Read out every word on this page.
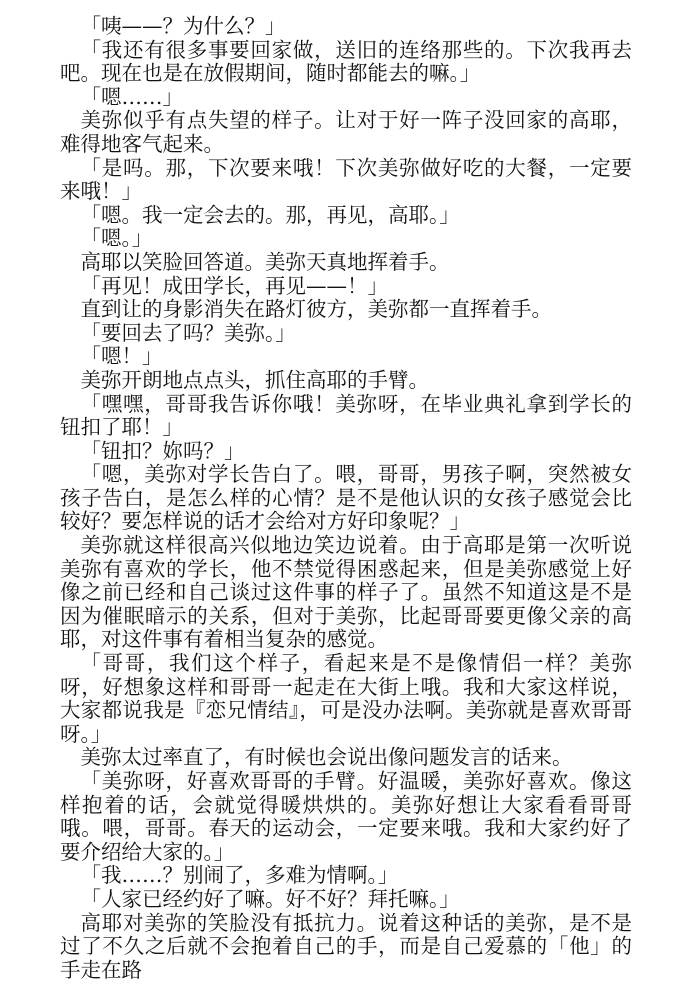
「咦——？为什么？」

「我还有很多事要回家做，送旧的连络那些的。下次我再去吧。现在也是在放假期间，随时都能去的嘛。」

「嗯……」

美弥似乎有点失望的样子。让对于好一阵子没回家的高耶，难得地客气起来。

「是吗。那，下次要来哦！下次美弥做好吃的大餐，一定要来哦！」

「嗯。我一定会去的。那，再见，高耶。」

「嗯。」

高耶以笑脸回答道。美弥天真地挥着手。

「再见！成田学长，再见——！」

直到让的身影消失在路灯彼方，美弥都一直挥着手。

「要回去了吗？美弥。」

「嗯！」

美弥开朗地点点头，抓住高耶的手臂。

「嘿嘿，哥哥我告诉你哦！美弥呀，在毕业典礼拿到学长的钮扣了耶！」

「钮扣？妳吗？」

「嗯，美弥对学长告白了。喂，哥哥，男孩子啊，突然被女孩子告白，是怎么样的心情？是不是他认识的女孩子感觉会比较好？要怎样说的话才会给对方好印象呢？」

美弥就这样很高兴似地边笑边说着。由于高耶是第一次听说美弥有喜欢的学长，他不禁觉得困惑起来，但是美弥感觉上好像之前已经和自己谈过这件事的样子了。虽然不知道这是不是因为催眠暗示的关系，但对于美弥，比起哥哥要更像父亲的高耶，对这件事有着相当复杂的感觉。

「哥哥，我们这个样子，看起来是不是像情侣一样？美弥呀，好想象这样和哥哥一起走在大街上哦。我和大家这样说，大家都说我是『恋兄情结』，可是没办法啊。美弥就是喜欢哥哥呀。」

美弥太过率直了，有时候也会说出像问题发言的话来。

「美弥呀，好喜欢哥哥的手臂。好温暖，美弥好喜欢。像这样抱着的话，会就觉得暖烘烘的。美弥好想让大家看看哥哥哦。喂，哥哥。春天的运动会，一定要来哦。我和大家约好了要介绍给大家的。」

「我……？别闹了，多难为情啊。」

「人家已经约好了嘛。好不好？拜托嘛。」

高耶对美弥的笑脸没有抵抗力。说着这种话的美弥，是不是过了不久之后就不会抱着自己的手，而是自己爱慕的「他」的手走在路
